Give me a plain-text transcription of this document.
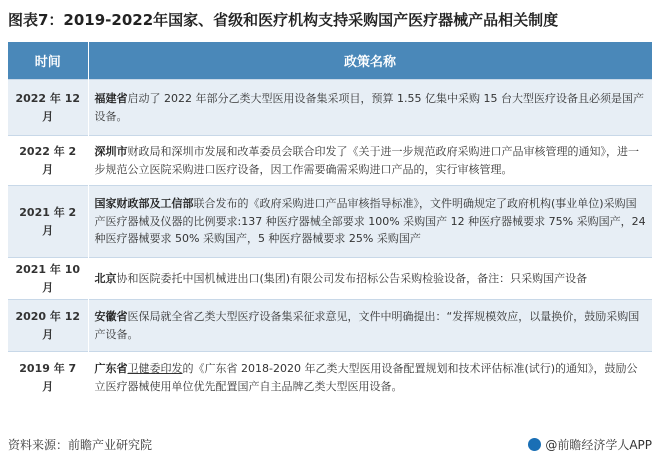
图表7：2019-2022年国家、省级和医疗机构支持采购国产医疗器械产品相关制度
时间	政策名称
2022 年 12 月	福建省启动了 2022 年部分乙类大型医用设备集采项目，预算 1.55 亿集中采购 15 台大型医疗设备且必须是国产设备。
2022 年 2 月	深圳市财政局和深圳市发展和改革委员会联合印发了《关于进一步规范政府采购进口产品审核管理的通知》，进一步规范公立医院采购进口医疗设备，因工作需要确需采购进口产品的，实行审核管理。
2021 年 2 月	国家财政部及工信部联合发布的《政府采购进口产品审核指导标准》，文件明确规定了政府机构(事业单位)采购国产医疗器械及仪器的比例要求:137 种医疗器械全部要求 100% 采购国产 12 种医疗器械要求 75% 采购国产，24 种医疗器械要求 50% 采购国产，5 种医疗器械要求 25% 采购国产
2021 年 10 月	北京协和医院委托中国机械进出口(集团)有限公司发布招标公告采购检验设备，备注：只采购国产设备
2020 年 12 月	安徽省医保局就全省乙类大型医疗设备集采征求意见，文件中明确提出：“发挥规模效应，以量换价，鼓励采购国产设备。
2019 年 7 月	广东省卫健委印发的《广东省 2018-2020 年乙类大型医用设备配置规划和技术评估标准(试行)的通知》，鼓励公立医疗器械使用单位优先配置国产自主品牌乙类大型医用设备。
资料来源：前瞻产业研究院	@前瞻经济学人APP
